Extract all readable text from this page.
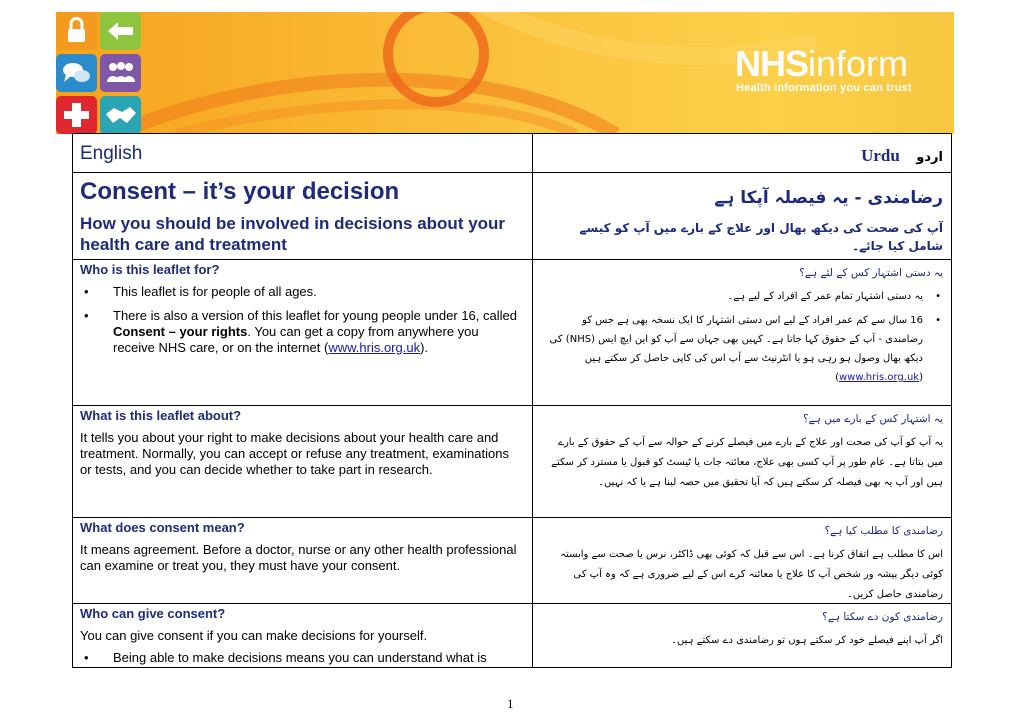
NHSinform
Health information you can trust
English	Urdu اردو
Consent – it’s your decision
How you should be involved in decisions about your health care and treatment
رضامندی - یہ فیصلہ آپکا ہے
آپ کی صحت کی دیکھ بھال اور علاج کے بارے میں آپ کو کیسے شامل کیا جائے۔
Who is this leaflet for?
• This leaflet is for people of all ages.
• There is also a version of this leaflet for young people under 16, called Consent – your rights. You can get a copy from anywhere you receive NHS care, or on the internet (www.hris.org.uk).
یہ دستی اشتہار کس کے لئے ہے؟
•
یہ دستی اشتہار تمام عمر کے افراد کے لیے ہے۔
•
16 سال سے کم عمر افراد کے لیے اس دستی اشتہار کا ایک نسخہ بھی ہے جس کو رضامندی - آپ کے حقوق کہا جاتا ہے۔ کہیں بھی جہاں سے آپ کو این ایچ ایس (NHS) کی دیکھ بھال وصول ہو رہی ہو یا انٹرنیٹ سے آپ اس کی کاپی حاصل کر سکتے ہیں (www.hris.org.uk)
What is this leaflet about?
It tells you about your right to make decisions about your health care and treatment. Normally, you can accept or refuse any treatment, examinations or tests, and you can decide whether to take part in research.
یہ اشتہار کس کے بارے میں ہے؟
یہ آپ کو آپ کی صحت اور علاج کے بارے میں فیصلے کرنے کے حوالہ سے آپ کے حقوق کے بارے میں بتاتا ہے۔ عام طور پر آپ کسی بھی علاج، معائنہ جات یا ٹیسٹ کو قبول یا مسترد کر سکتے ہیں اور آپ یہ بھی فیصلہ کر سکتے ہیں کہ آیا تحقیق میں حصہ لینا ہے یا کہ نہیں۔
What does consent mean?
It means agreement. Before a doctor, nurse or any other health professional can examine or treat you, they must have your consent.
رضامندی کا مطلب کیا ہے؟
اس کا مطلب ہے اتفاق کرنا ہے۔ اس سے قبل کہ کوئی بھی ڈاکٹر، نرس یا صحت سے وابستہ کوئی دیگر پیشہ ور شخص آپ کا علاج یا معائنہ کرے اس کے لیے ضروری ہے کہ وہ آپ کی رضامندی حاصل کریں۔
Who can give consent?
You can give consent if you can make decisions for yourself.
• Being able to make decisions means you can understand what is
رضامندی کون دے سکتا ہے؟
اگر آپ اپنے فیصلے خود کر سکتے ہوں تو رضامندی دے سکتے ہیں۔
1
